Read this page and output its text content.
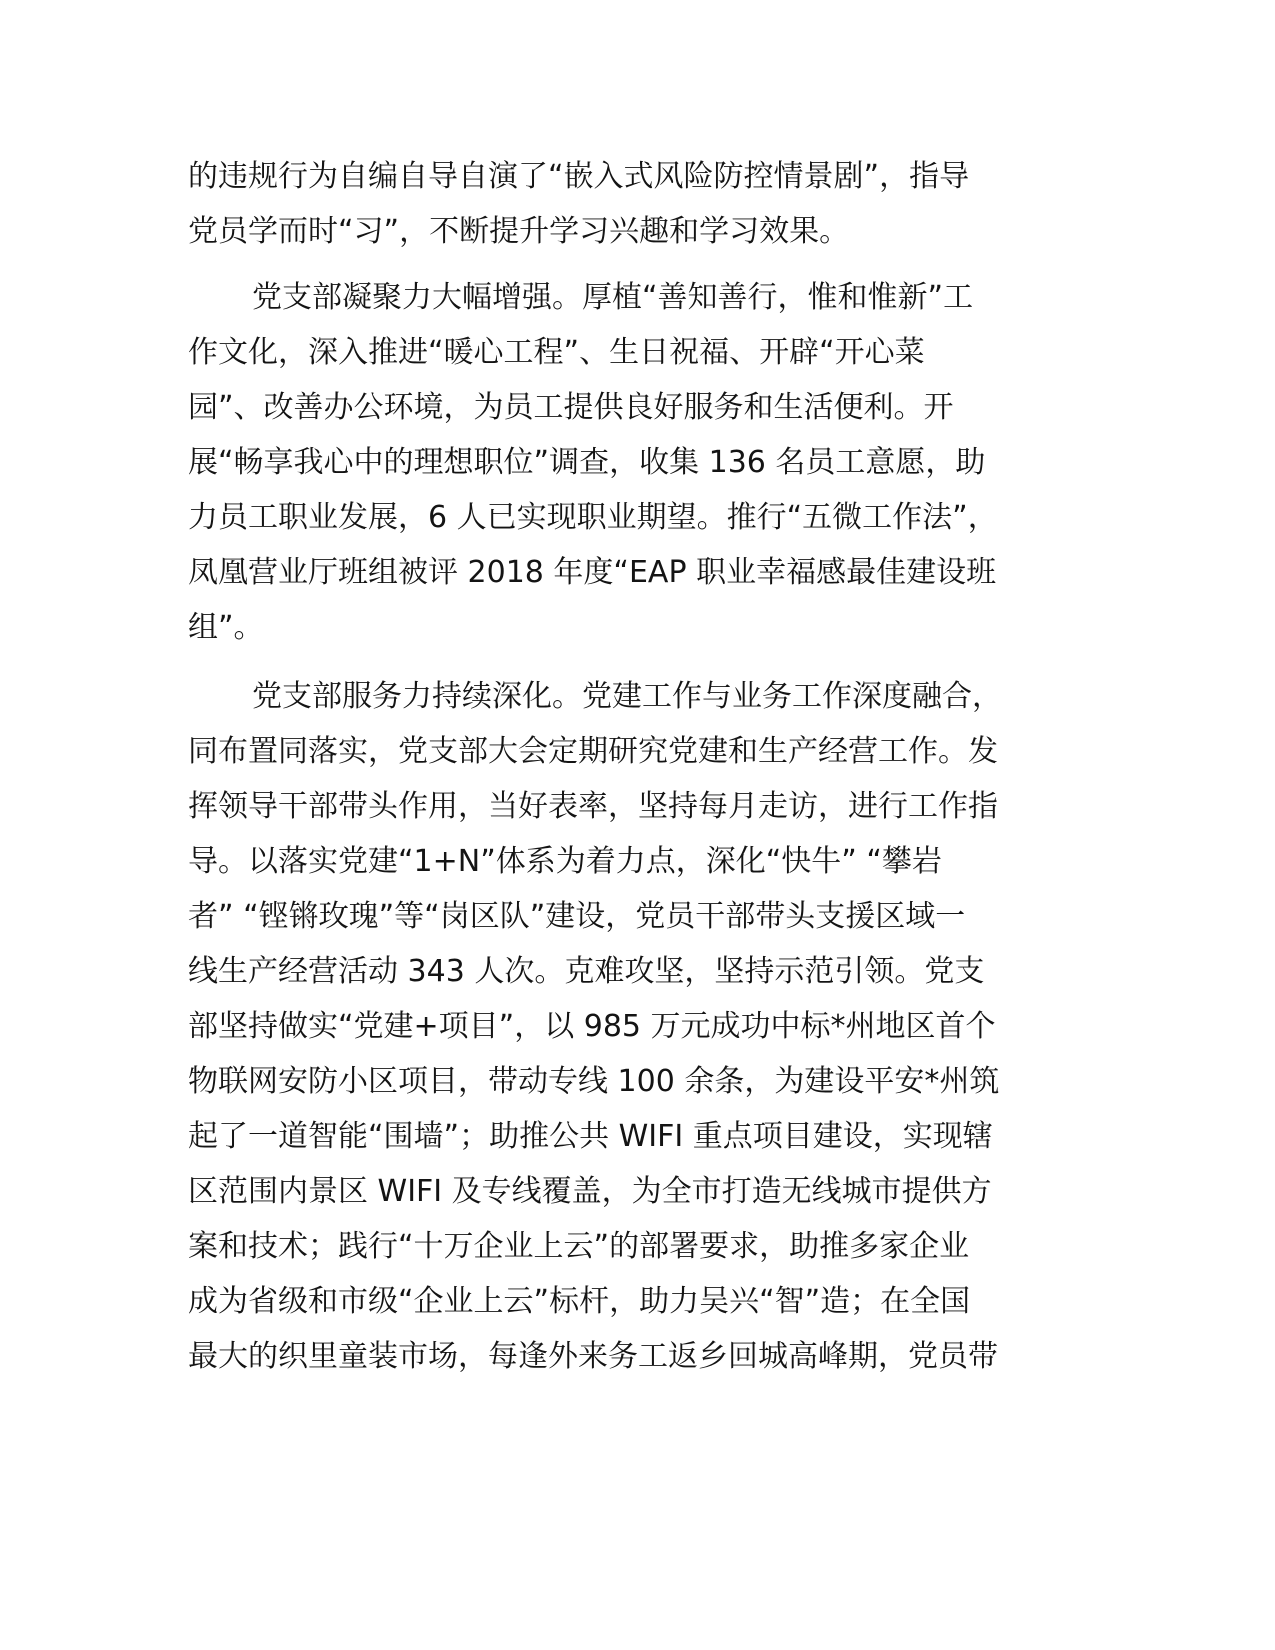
的违规行为自编自导自演了“嵌入式风险防控情景剧”，指导
党员学而时“习”，不断提升学习兴趣和学习效果。
党支部凝聚力大幅增强。厚植“善知善行，惟和惟新”工
作文化，深入推进“暖心工程”、生日祝福、开辟“开心菜
园”、改善办公环境，为员工提供良好服务和生活便利。开
展“畅享我心中的理想职位”调查，收集 136 名员工意愿，助
力员工职业发展，6 人已实现职业期望。推行“五微工作法”，
凤凰营业厅班组被评 2018 年度“EAP 职业幸福感最佳建设班
组”。
党支部服务力持续深化。党建工作与业务工作深度融合，
同布置同落实，党支部大会定期研究党建和生产经营工作。发
挥领导干部带头作用，当好表率，坚持每月走访，进行工作指
导。以落实党建“1+N”体系为着力点，深化“快牛” “攀岩
者” “铿锵玫瑰”等“岗区队”建设，党员干部带头支援区域一
线生产经营活动 343 人次。克难攻坚，坚持示范引领。党支
部坚持做实“党建+项目”，以 985 万元成功中标*州地区首个
物联网安防小区项目，带动专线 100 余条，为建设平安*州筑
起了一道智能“围墙”；助推公共 WIFI 重点项目建设，实现辖
区范围内景区 WIFI 及专线覆盖，为全市打造无线城市提供方
案和技术；践行“十万企业上云”的部署要求，助推多家企业
成为省级和市级“企业上云”标杆，助力吴兴“智”造；在全国
最大的织里童装市场，每逢外来务工返乡回城高峰期，党员带
